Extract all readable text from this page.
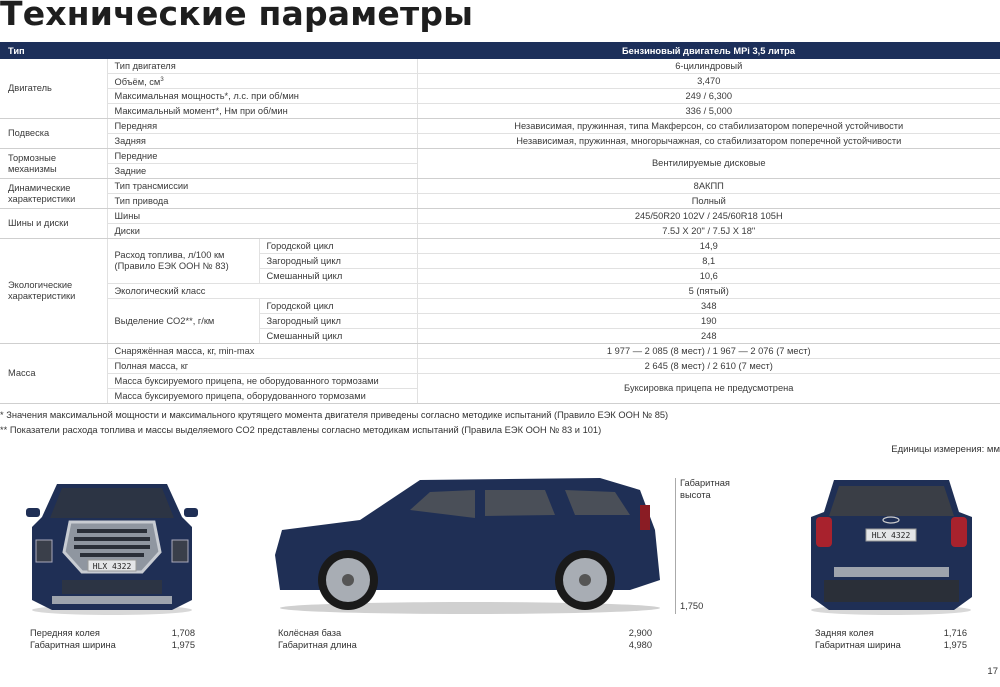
Технические параметры
Тип			Бензиновый двигатель MPi 3,5 литра
Двигатель	Тип двигателя		6-цилиндровый
	Объём, $см^3$		3,470
	Максимальная мощность*, л.с. при об/мин		249 / 6,300
	Максимальный момент*, Нм при об/мин		336 / 5,000
Подвеска	Передняя		Независимая, пружинная, типа Макферсон, со стабилизатором поперечной устойчивости
	Задняя		Независимая, пружинная, многорычажная, со стабилизатором поперечной устойчивости
Тормозные механизмы	Передние		Вентилируемые дисковые
	Задние		
Динамические характеристики	Тип трансмиссии		8АКПП
	Тип привода		Полный
Шины и диски	Шины		245/50R20 102V / 245/60R18 105H
	Диски		7.5J X 20" / 7.5J X 18"
Экологические характеристики	Расход топлива, л/100 км (Правило ЕЭК ООН № 83)	Городской цикл	14,9
		Загородный цикл	8,1
		Смешанный цикл	10,6
	Экологический класс		5 (пятый)
	Выделение CO2**, г/км	Городской цикл	348
		Загородный цикл	190
		Смешанный цикл	248
Масса	Снаряжённая масса, кг, min-max		1 977 — 2 085 (8 мест) / 1 967 — 2 076 (7 мест)
	Полная масса, кг		2 645 (8 мест) / 2 610 (7 мест)
	Масса буксируемого прицепа, не оборудованного тормозами		Буксировка прицепа не предусмотрена
	Масса буксируемого прицепа, оборудованного тормозами		
* Значения максимальной мощности и максимального крутящего момента двигателя приведены согласно методике испытаний (Правило ЕЭК ООН № 85)
** Показатели расхода топлива и массы выделяемого CO2 представлены согласно методикам испытаний (Правила ЕЭК ООН № 83 и 101)
Единицы измерения: мм
HLX 4322
HLX 4322
Передняя колея	1,708
Габаритная ширина	1,975
Колёсная база	2,900
Габаритная длина	4,980
Габаритная
высота
1,750
Задняя колея	1,716
Габаритная ширина	1,975
17
